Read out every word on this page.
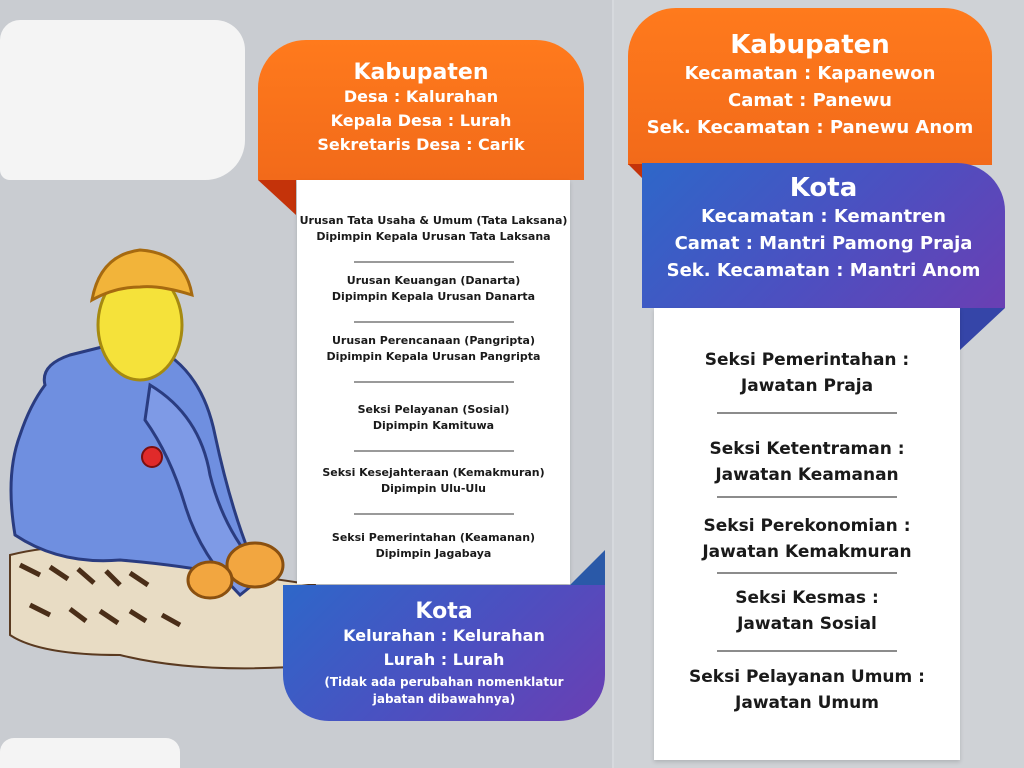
Kabupaten

Desa : Kalurahan

Kepala Desa : Lurah

Sekretaris Desa : Carik

Urusan Tata Usaha & Umum (Tata Laksana)
Dipimpin Kepala Urusan Tata Laksana
Urusan Keuangan (Danarta)
Dipimpin Kepala Urusan Danarta
Urusan Perencanaan (Pangripta)
Dipimpin Kepala Urusan Pangripta
Seksi Pelayanan (Sosial)
Dipimpin Kamituwa
Seksi Kesejahteraan (Kemakmuran)
Dipimpin Ulu-Ulu
Seksi Pemerintahan (Keamanan)
Dipimpin Jagabaya

Kota

Kelurahan : Kelurahan

Lurah : Lurah

(Tidak ada perubahan nomenklatur
jabatan dibawahnya)

Kabupaten

Kecamatan : Kapanewon

Camat : Panewu

Sek. Kecamatan : Panewu Anom

Kota

Kecamatan : Kemantren

Camat : Mantri Pamong Praja

Sek. Kecamatan : Mantri Anom

Seksi Pemerintahan :
Jawatan Praja
Seksi Ketentraman :
Jawatan Keamanan
Seksi Perekonomian :
Jawatan Kemakmuran
Seksi Kesmas :
Jawatan Sosial
Seksi Pelayanan Umum :
Jawatan Umum
